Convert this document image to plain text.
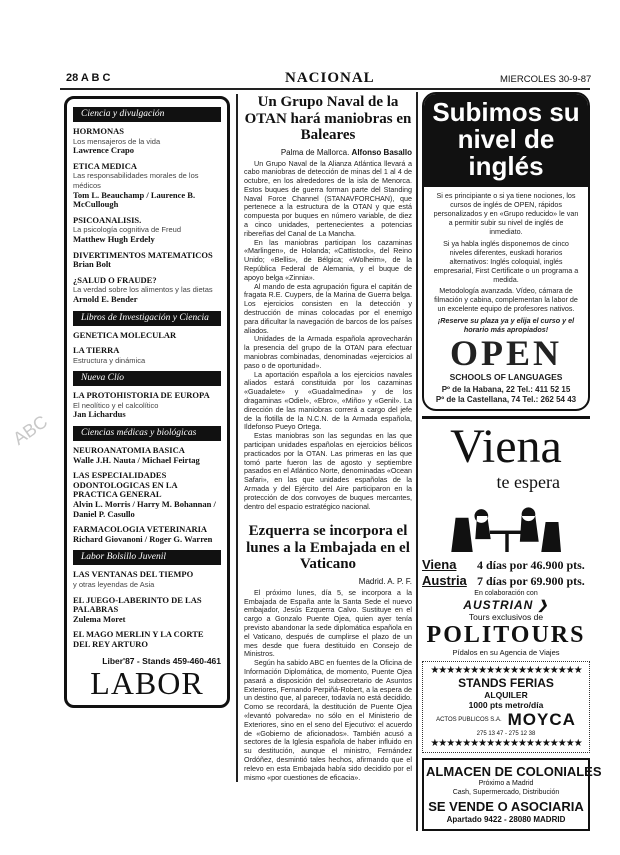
ABC
28 A B C	NACIONAL	MIERCOLES 30-9-87
Ciencia y divulgación
HORMONAS
Los mensajeros de la vida
Lawrence Crapo
ETICA MEDICA
Las responsabilidades morales de los médicos
Tom L. Beauchamp / Laurence B. McCullough
PSICOANALISIS.
La psicología cognitiva de Freud
Matthew Hugh Erdely
DIVERTIMENTOS MATEMATICOS
Brian Bolt
¿SALUD O FRAUDE?
La verdad sobre los alimentos y las dietas
Arnold E. Bender
Libros de Investigación y Ciencia
GENETICA MOLECULAR
LA TIERRA
Estructura y dinámica
Nueva Clío
LA PROTOHISTORIA DE EUROPA
El neolítico y el calcolítico
Jan Lichardus
Ciencias médicas y biológicas
NEUROANATOMIA BASICA
Walle J.H. Nauta / Michael Feirtag
LAS ESPECIALIDADES ODONTOLOGICAS EN LA PRACTICA GENERAL
Alvin L. Morris / Harry M. Bohannan / Daniel P. Casullo
FARMACOLOGIA VETERINARIA
Richard Giovanoni / Roger G. Warren
Labor Bolsillo Juvenil
LAS VENTANAS DEL TIEMPO
y otras leyendas de Asia
EL JUEGO-LABERINTO DE LAS PALABRAS
Zulema Moret
EL MAGO MERLIN Y LA CORTE DEL REY ARTURO
Liber'87 - Stands 459-460-461
LABOR
Un Grupo Naval de la OTAN hará maniobras en Baleares
Palma de Mallorca. Alfonso Basallo

Un Grupo Naval de la Alianza Atlántica llevará a cabo maniobras de detección de minas del 1 al 4 de octubre, en los alrededores de la isla de Menorca. Estos buques de guerra forman parte del Standing Naval Force Channel (STANAVFORCHAN), que pertenece a la estructura de la OTAN y que está compuesta por buques en número variable, de diez a cinco unidades, pertenecientes a potencias ribereñas del Canal de La Mancha.

En las maniobras participan los cazaminas «Marlingen», de Holanda; «Cattistock», del Reino Unido; «Bellis», de Bélgica; «Wolheim», de la República Federal de Alemania, y el buque de apoyo belga «Zinnia».

Al mando de esta agrupación figura el capitán de fragata R.E. Cuypers, de la Marina de Guerra belga. Los ejercicios consisten en la detección y destrucción de minas colocadas por el enemigo para dificultar la navegación de barcos de los países aliados.

Unidades de la Armada española aprovecharán la presencia del grupo de la OTAN para efectuar maniobras combinadas, denominadas «ejercicios al paso o de oportunidad».

La aportación española a los ejercicios navales aliados estará constituida por los cazaminas «Guadalete» y «Guadalmedina» y de los dragaminas «Odiel», «Ebro», «Miño» y «Genil». La dirección de las maniobras correrá a cargo del jefe de la flotilla de la N.C.N. de la Armada española, Ildefonso Pueyo Ortega.

Estas maniobras son las segundas en las que participan unidades españolas en ejercicios bélicos practicados por la OTAN. Las primeras en las que tomó parte fueron las de agosto y septiembre pasados en el Atlántico Norte, denominadas «Ocean Safari», en las que unidades españolas de la Armada y del Ejército del Aire participaron en la protección de dos convoyes de buques mercantes, dentro del espacio estratégico nacional.

Ezquerra se incorpora el lunes a la Embajada en el Vaticano
Madrid. A. P. F.

El próximo lunes, día 5, se incorpora a la Embajada de España ante la Santa Sede el nuevo embajador, Jesús Ezquerra Calvo. Sustituye en el cargo a Gonzalo Puente Ojea, quien ayer tenía previsto abandonar la sede diplomática española en el Vaticano, después de cumplirse el plazo de un mes desde que fuera destituido en Consejo de Ministros.

Según ha sabido ABC en fuentes de la Oficina de Información Diplomática, de momento, Puente Ojea pasará a disposición del subsecretario de Asuntos Exteriores, Fernando Perpiñá-Robert, a la espera de un destino que, al parecer, todavía no está decidido. Como se recordará, la destitución de Puente Ojea «levantó polvareda» no sólo en el Ministerio de Exteriores, sino en el seno del Ejecutivo: el acuerdo de «Gobierno de aficionados». También acusó a sectores de la Iglesia española de haber influido en su destitución, aunque el ministro, Fernández Ordóñez, desmintió tales hechos, afirmando que el relevo en esta Embajada había sido decidido por el mismo «por cuestiones de eficacia».

Subimos su nivel de inglés

Si es principiante o si ya tiene nociones, los cursos de inglés de OPEN, rápidos personalizados y en «Grupo reducido» le van a permitir subir su nivel de inglés de inmediato.

Si ya habla inglés disponemos de cinco niveles diferentes, euskadi horarios alternativos: Inglés coloquial, inglés empresarial, First Certificate o un programa a medida.

Metodología avanzada. Vídeo, cámara de filmación y cabina, complementan la labor de un excelente equipo de profesores nativos.

¡Reserve su plaza ya y elija el curso y el horario más apropiados!

OPEN
SCHOOLS OF LANGUAGES
Pº de la Habana, 22 Tel.: 411 52 15
Pº de la Castellana, 74 Tel.: 262 54 43
Viena
te espera
Viena 4 días por 46.900 pts.
Austria 7 días por 69.900 pts.
En colaboración con
AUSTRIAN ❯
Tours exclusivos de
POLITOURS
Pídalos en su Agencia de Viajes
★★★★★★★★★★★★★★★★★★★
STANDS FERIAS
ALQUILER
1000 pts metro/día
ACTOS PUBLICOS S.A. MOYCA
275 13 47 - 275 12 38
★★★★★★★★★★★★★★★★★★★
ALMACEN DE COLONIALES
Próximo a Madrid
Cash, Supermercado, Distribución
SE VENDE O ASOCIARIA
Apartado 9422 - 28080 MADRID
